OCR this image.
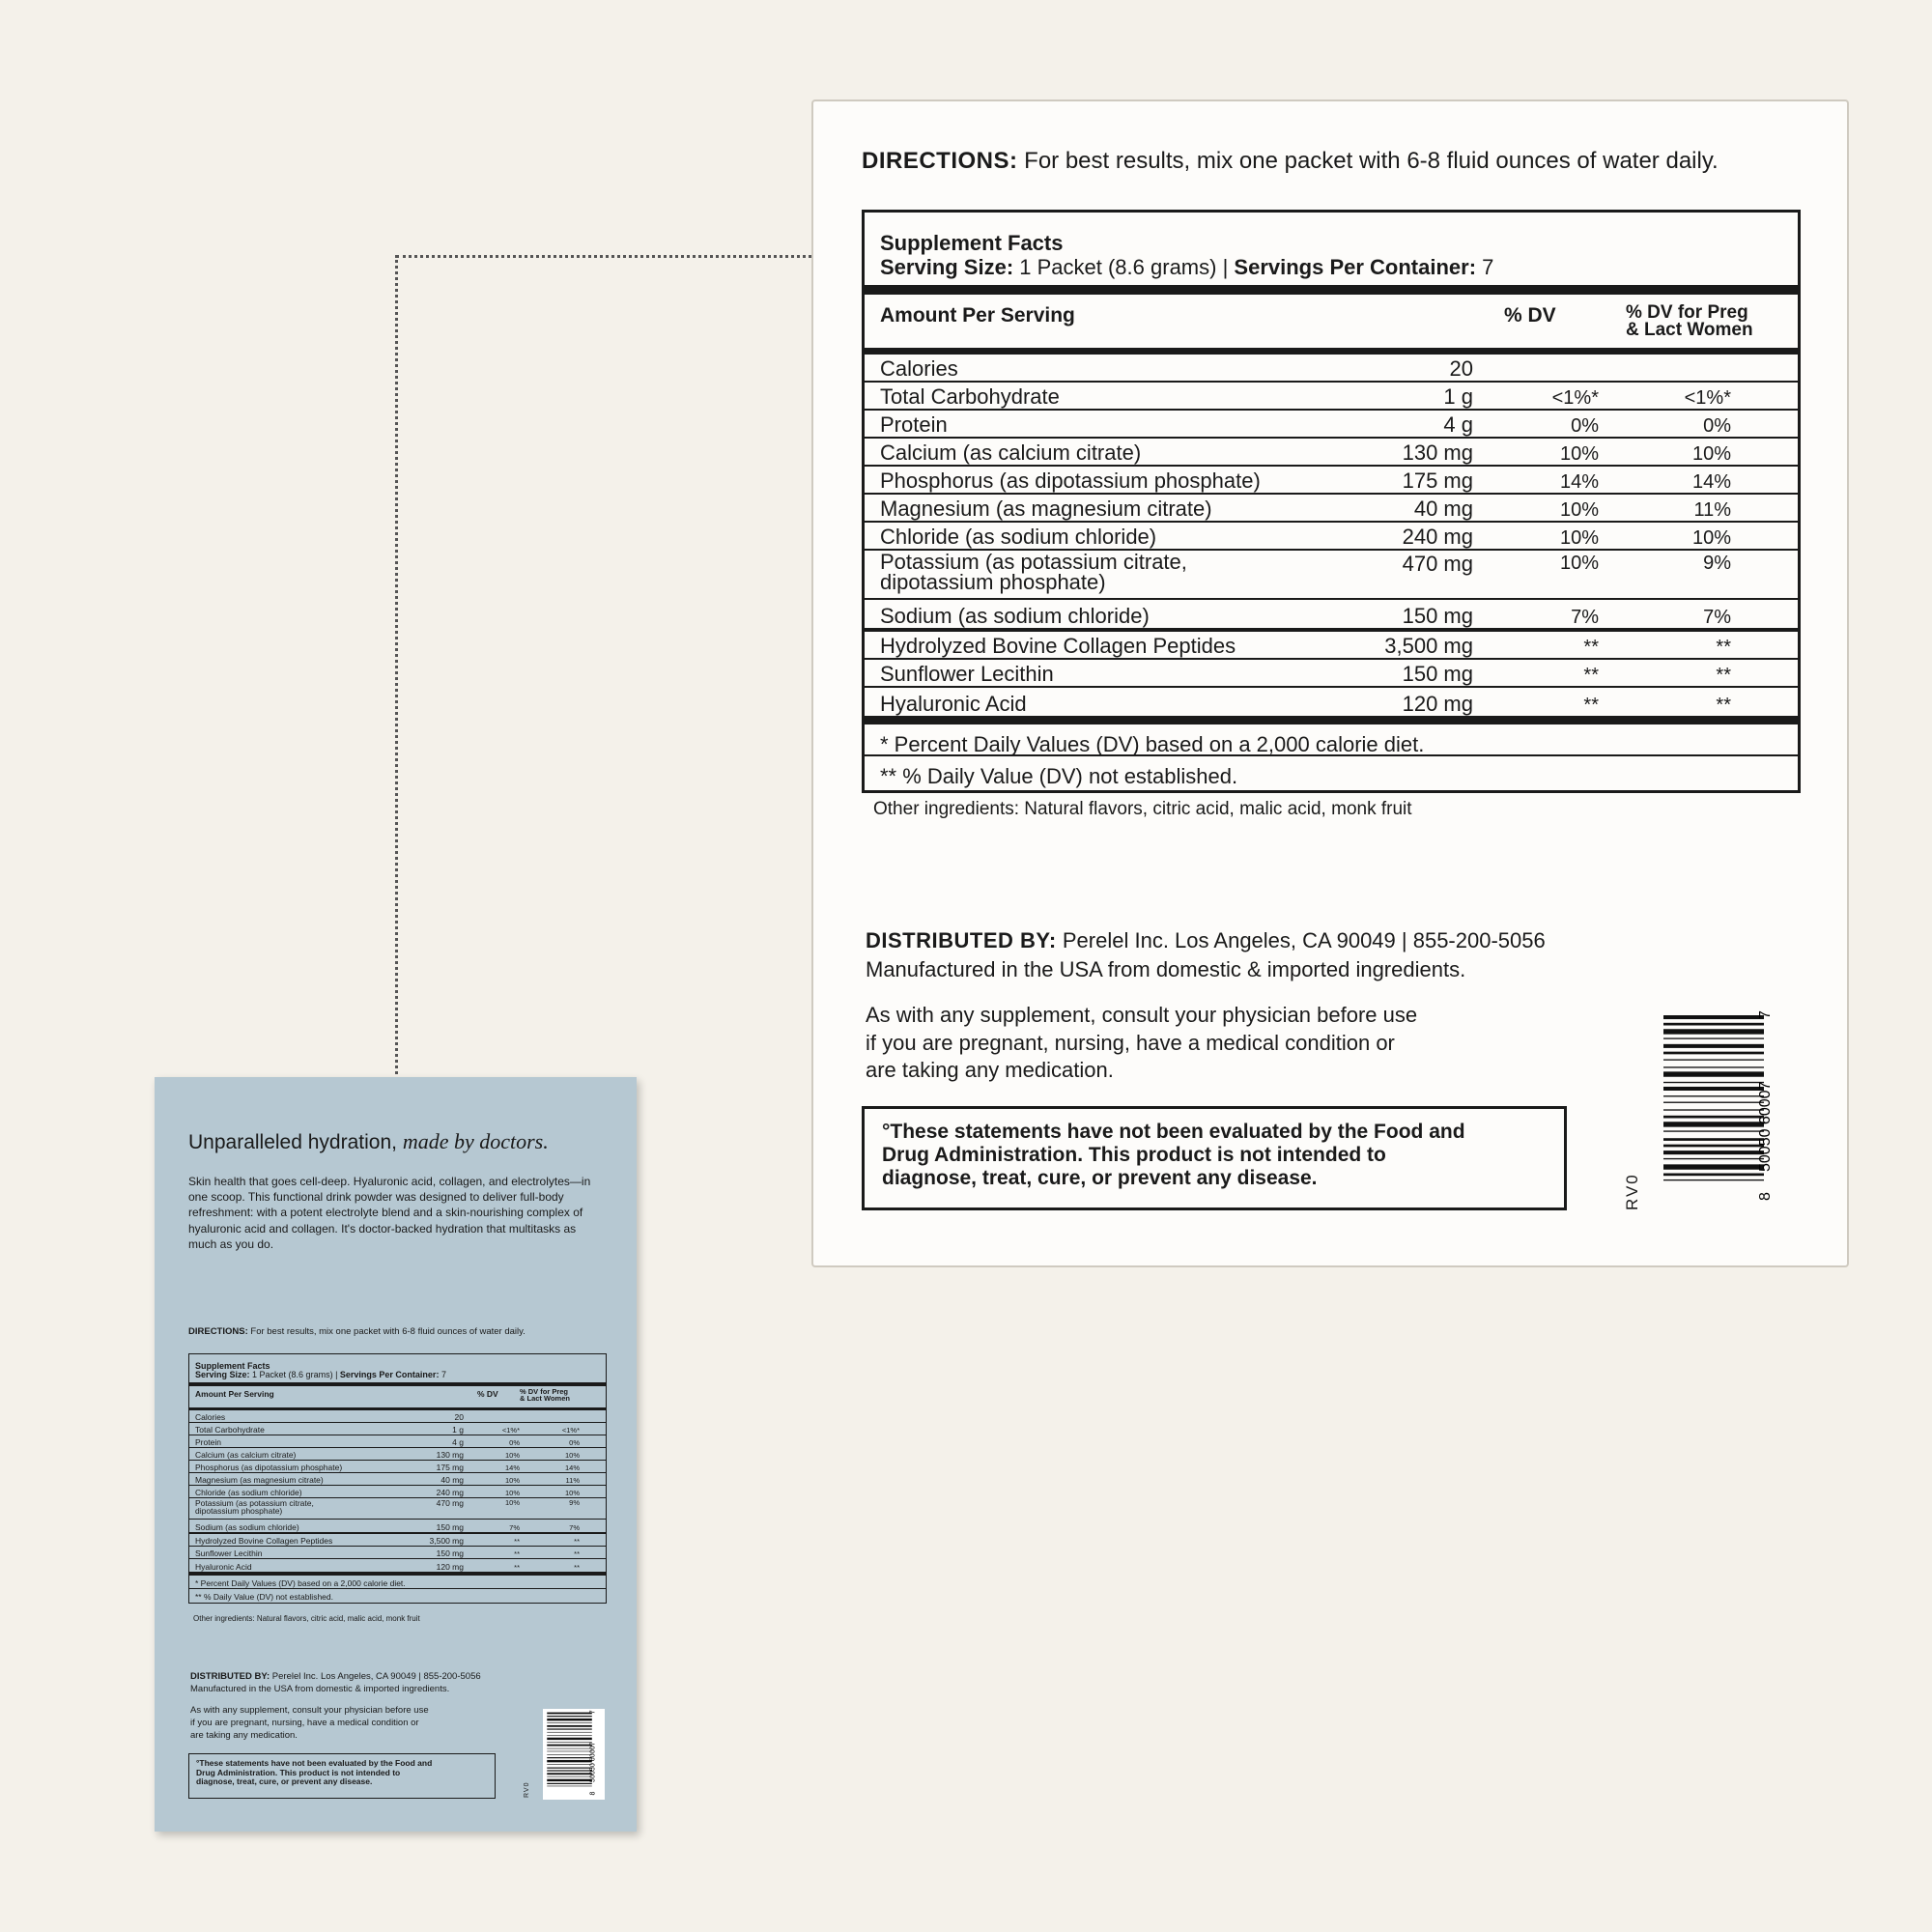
DIRECTIONS: For best results, mix one packet with 6-8 fluid ounces of water daily.
Supplement Facts
Serving Size: 1 Packet (8.6 grams) | Servings Per Container: 7
Amount Per Serving	% DV	% DV for Preg
& Lact Women
Calories	20
Total Carbohydrate	1 g	<1%*	<1%*
Protein	4 g	0%	0%
Calcium (as calcium citrate)	130 mg	10%	10%
Phosphorus (as dipotassium phosphate)	175 mg	14%	14%
Magnesium (as magnesium citrate)	40 mg	10%	11%
Chloride (as sodium chloride)	240 mg	10%	10%
Potassium (as potassium citrate,
dipotassium phosphate)
470 mg	10%	9%
Sodium (as sodium chloride)	150 mg	7%	7%
Hydrolyzed Bovine Collagen Peptides	3,500 mg	**	**
Sunflower Lecithin	150 mg	**	**
Hyaluronic Acid	120 mg	**	**
* Percent Daily Values (DV) based on a 2,000 calorie diet.
** % Daily Value (DV) not established.
Other ingredients: Natural flavors, citric acid, malic acid, monk fruit
DISTRIBUTED BY: Perelel Inc. Los Angeles, CA 90049 | 855-200-5056
Manufactured in the USA from domestic & imported ingredients.
As with any supplement, consult your physician before use
if you are pregnant, nursing, have a medical condition or
are taking any medication.
°These statements have not been evaluated by the Food and
Drug Administration. This product is not intended to
diagnose, treat, cure, or prevent any disease.	RV0	8
50050 60007
7
Unparalleled hydration, made by doctors.
Skin health that goes cell-deep. Hyaluronic acid, collagen, and electrolytes—in one scoop. This functional drink powder was designed to deliver full-body refreshment: with a potent electrolyte blend and a skin-nourishing complex of hyaluronic acid and collagen. It's doctor-backed hydration that multitasks as much as you do.
DIRECTIONS: For best results, mix one packet with 6-8 fluid ounces of water daily.
Supplement Facts
Serving Size: 1 Packet (8.6 grams) | Servings Per Container: 7
Amount Per Serving	% DV	% DV for Preg
& Lact Women
Calories	20
Total Carbohydrate	1 g	<1%*	<1%*
Protein	4 g	0%	0%
Calcium (as calcium citrate)	130 mg	10%	10%
Phosphorus (as dipotassium phosphate)	175 mg	14%	14%
Magnesium (as magnesium citrate)	40 mg	10%	11%
Chloride (as sodium chloride)	240 mg	10%	10%
Potassium (as potassium citrate,
dipotassium phosphate)
470 mg	10%	9%
Sodium (as sodium chloride)	150 mg	7%	7%
Hydrolyzed Bovine Collagen Peptides	3,500 mg	**	**
Sunflower Lecithin	150 mg	**	**
Hyaluronic Acid	120 mg	**	**
* Percent Daily Values (DV) based on a 2,000 calorie diet.
** % Daily Value (DV) not established.
Other ingredients: Natural flavors, citric acid, malic acid, monk fruit
DISTRIBUTED BY: Perelel Inc. Los Angeles, CA 90049 | 855-200-5056
Manufactured in the USA from domestic & imported ingredients.
As with any supplement, consult your physician before use
if you are pregnant, nursing, have a medical condition or
are taking any medication.
°These statements have not been evaluated by the Food and
Drug Administration. This product is not intended to
diagnose, treat, cure, or prevent any disease.
RV0	8
50050 60007
7
